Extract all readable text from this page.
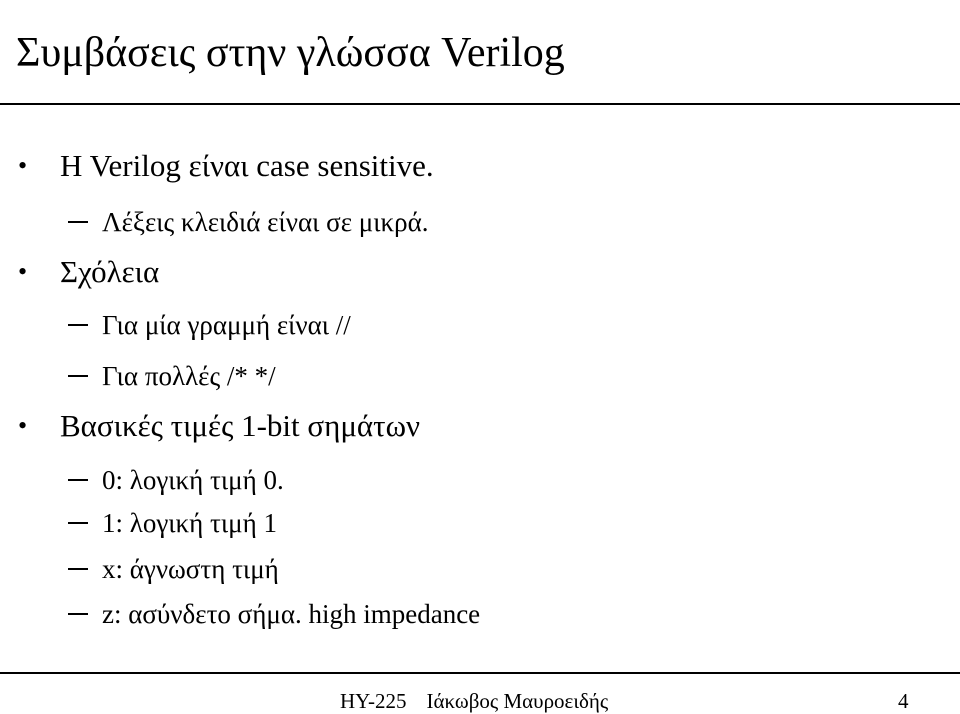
Συμβάσεις στην γλώσσα Verilog
• H Verilog είναι case sensitive.
Λέξεις κλειδιά είναι σε μικρά.
• Σχόλεια
Για μία γραμμή είναι //
Για πολλές /* */
• Βασικές τιμές 1-bit σημάτων
0: λογική τιμή 0.
1: λογική τιμή 1
x: άγνωστη τιμή
z: ασύνδετο σήμα. high impedance
ΗΥ-225 Ιάκωβος Μαυροειδής	4
